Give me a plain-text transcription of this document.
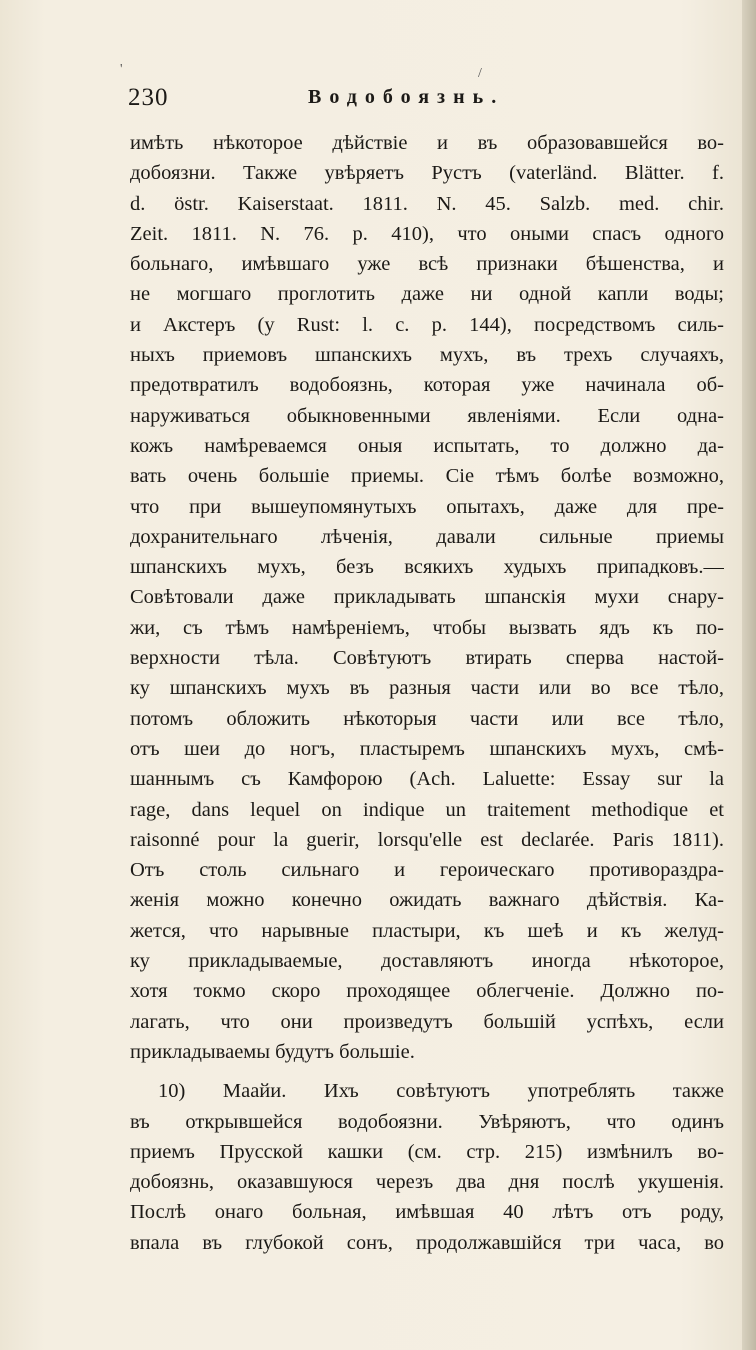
'	/
230	Водобоязнь.
имѣть нѣкоторое дѣйствіе и въ образовавшейся во-
добоязни. Также увѣряетъ Рустъ (vaterländ. Blätter. f.
d. östr. Kaiserstaat. 1811. N. 45. Salzb. med. chir.
Zeit. 1811. N. 76. p. 410), что оными спасъ одного
больнаго, имѣвшаго уже всѣ признаки бѣшенства, и
не могшаго проглотить даже ни одной капли воды;
и Акстеръ (у Rust: l. c. p. 144), посредствомъ силь-
ныхъ приемовъ шпанскихъ мухъ, въ трехъ случаяхъ,
предотвратилъ водобоязнь, которая уже начинала об-
наруживаться обыкновенными явленіями. Если одна-
кожъ намѣреваемся оныя испытать, то должно да-
вать очень большіе приемы. Сіе тѣмъ болѣе возможно,
что при вышеупомянутыхъ опытахъ, даже для пре-
дохранительнаго лѣченія, давали сильные приемы
шпанскихъ мухъ, безъ всякихъ худыхъ припадковъ.—
Совѣтовали даже прикладывать шпанскія мухи снару-
жи, съ тѣмъ намѣреніемъ, чтобы вызвать ядъ къ по-
верхности тѣла. Совѣтуютъ втирать сперва настой-
ку шпанскихъ мухъ въ разныя части или во все тѣло,
потомъ обложить нѣкоторыя части или все тѣло,
отъ шеи до ногъ, пластыремъ шпанскихъ мухъ, смѣ-
шаннымъ съ Камфорою (Ach. Laluette: Essay sur la
rage, dans lequel on indique un traitement methodique et
raisonné pour la guerir, lorsqu'elle est declarée. Paris 1811).
Отъ столь сильнаго и героическаго противораздра-
женія можно конечно ожидать важнаго дѣйствія. Ка-
жется, что нарывные пластыри, къ шеѣ и къ желуд-
ку прикладываемые, доставляютъ иногда нѣкоторое,
хотя токмо скоро проходящее облегченіе. Должно по-
лагать, что они произведутъ большій успѣхъ, если
прикладываемы будутъ большіе.
10) Маайи. Ихъ совѣтуютъ употреблять также
въ открывшейся водобоязни. Увѣряютъ, что одинъ
приемъ Прусской кашки (см. стр. 215) измѣнилъ во-
добоязнь, оказавшуюся черезъ два дня послѣ укушенія.
Послѣ онаго больная, имѣвшая 40 лѣтъ отъ роду,
впала въ глубокой сонъ, продолжавшійся три часа, во
